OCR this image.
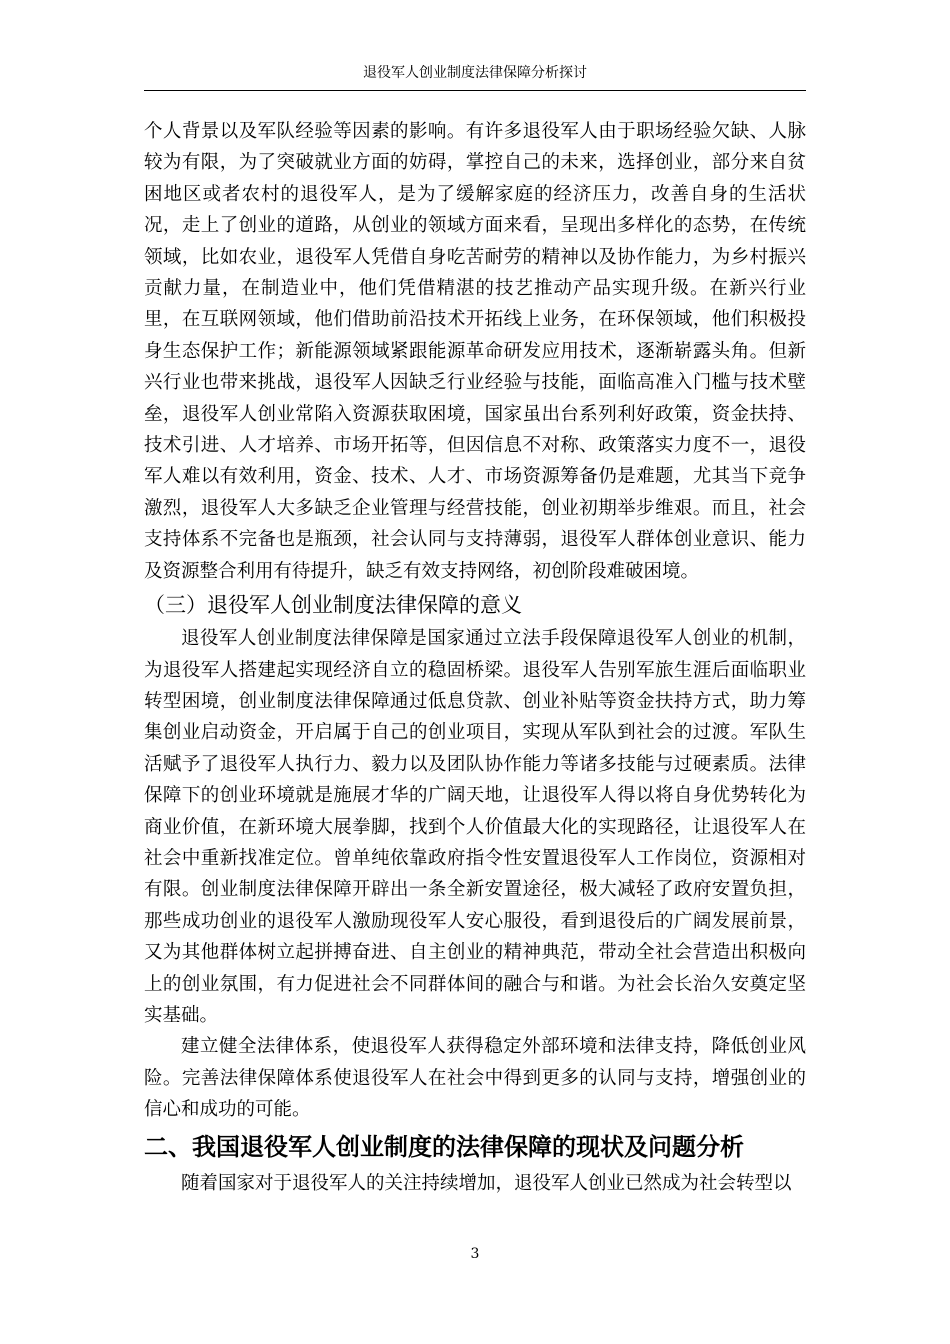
退役军人创业制度法律保障分析探讨

个人背景以及军队经验等因素的影响。有许多退役军人由于职场经验欠缺、人脉较为有限，为了突破就业方面的妨碍，掌控自己的未来，选择创业，部分来自贫困地区或者农村的退役军人，是为了缓解家庭的经济压力，改善自身的生活状况，走上了创业的道路，从创业的领域方面来看，呈现出多样化的态势，在传统领域，比如农业，退役军人凭借自身吃苦耐劳的精神以及协作能力，为乡村振兴贡献力量，在制造业中，他们凭借精湛的技艺推动产品实现升级。在新兴行业里，在互联网领域，他们借助前沿技术开拓线上业务，在环保领域，他们积极投身生态保护工作；新能源领域紧跟能源革命研发应用技术，逐渐崭露头角。但新兴行业也带来挑战，退役军人因缺乏行业经验与技能，面临高准入门槛与技术壁垒，退役军人创业常陷入资源获取困境，国家虽出台系列利好政策，资金扶持、技术引进、人才培养、市场开拓等，但因信息不对称、政策落实力度不一，退役军人难以有效利用，资金、技术、人才、市场资源筹备仍是难题，尤其当下竞争激烈，退役军人大多缺乏企业管理与经营技能，创业初期举步维艰。而且，社会支持体系不完备也是瓶颈，社会认同与支持薄弱，退役军人群体创业意识、能力及资源整合利用有待提升，缺乏有效支持网络，初创阶段难破困境。

（三）退役军人创业制度法律保障的意义

退役军人创业制度法律保障是国家通过立法手段保障退役军人创业的机制，为退役军人搭建起实现经济自立的稳固桥梁。退役军人告别军旅生涯后面临职业转型困境，创业制度法律保障通过低息贷款、创业补贴等资金扶持方式，助力筹集创业启动资金，开启属于自己的创业项目，实现从军队到社会的过渡。军队生活赋予了退役军人执行力、毅力以及团队协作能力等诸多技能与过硬素质。法律保障下的创业环境就是施展才华的广阔天地，让退役军人得以将自身优势转化为商业价值，在新环境大展拳脚，找到个人价值最大化的实现路径，让退役军人在社会中重新找准定位。曾单纯依靠政府指令性安置退役军人工作岗位，资源相对有限。创业制度法律保障开辟出一条全新安置途径，极大减轻了政府安置负担，那些成功创业的退役军人激励现役军人安心服役，看到退役后的广阔发展前景，又为其他群体树立起拼搏奋进、自主创业的精神典范，带动全社会营造出积极向上的创业氛围，有力促进社会不同群体间的融合与和谐。为社会长治久安奠定坚实基础。

建立健全法律体系，使退役军人获得稳定外部环境和法律支持，降低创业风险。完善法律保障体系使退役军人在社会中得到更多的认同与支持，增强创业的信心和成功的可能。

二、我国退役军人创业制度的法律保障的现状及问题分析

随着国家对于退役军人的关注持续增加，退役军人创业已然成为社会转型以

3
